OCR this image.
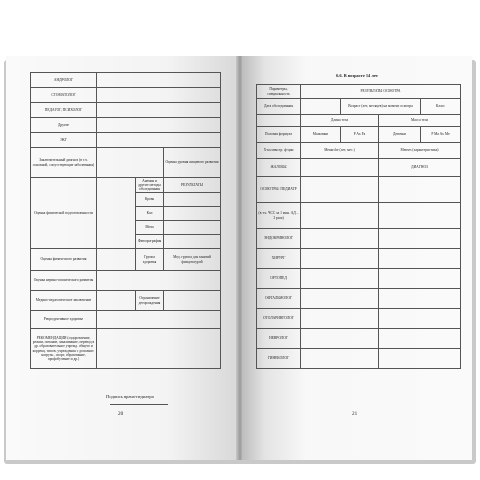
АНДРОЛОГ			
СТОМАТОЛОГ			
ПЕДАГОГ, ПСИХОЛОГ			
Другие			
ЭКГ			
Заключительный диагноз (в т.ч. основной, сопутствующие заболевания)			Оценка уровня пищевого развития
Оценка физической подготовленности		Анемия и другие методы обследования	РЕЗУЛЬТАТЫ
		Кровь	
		Кал	
		Моча	
		Флюорография	
Оценка физического развития		Группа здоровья	Мед. группа для занятий физкультурой
Оценка нервно-психического развития			
Медико-педагогическое заключение		Ограничение деторождения	
Репродуктивное здоровье			
РЕКОМЕНДАЦИИ (оздоровление, режим, питание, закаливание, перевод в др. образовательное учрежд. общего и коррекц. типов, учреждения с дополнит. нагрузк., спорт, образование, профобучение и др.)			
Подпись врача-педиатра
20
6.6. В возрасте 14 лет
Параметры, специальность	РЕЗУЛЬТАТЫ ОСМОТРА			
Дата обследования		Возраст (лет, месяцев) на момент осмотра		Класс
	Длина тела		Масса тела	
Половая формула	Мальчики	P Ax Fa	Девочки	P Ma Ax Me
Х-ка менстр. ф-ции	Menarche (лет, мес.)		Menses (характеристика)	
ЖАЛОБЫ			ДИАГНОЗ	
ОСМОТРЫ: ПЕДИАТР				
(в т.ч. ЧСС за 1 мин. АД – 3 раза)				
ЭНДОКРИНОЛОГ				
ХИРУРГ				
ОРТОПЕД				
ОФТАЛЬМОЛОГ				
ОТОЛАРИНГОЛОГ				
НЕВРОЛОГ				
ГИНЕКОЛОГ				
21
